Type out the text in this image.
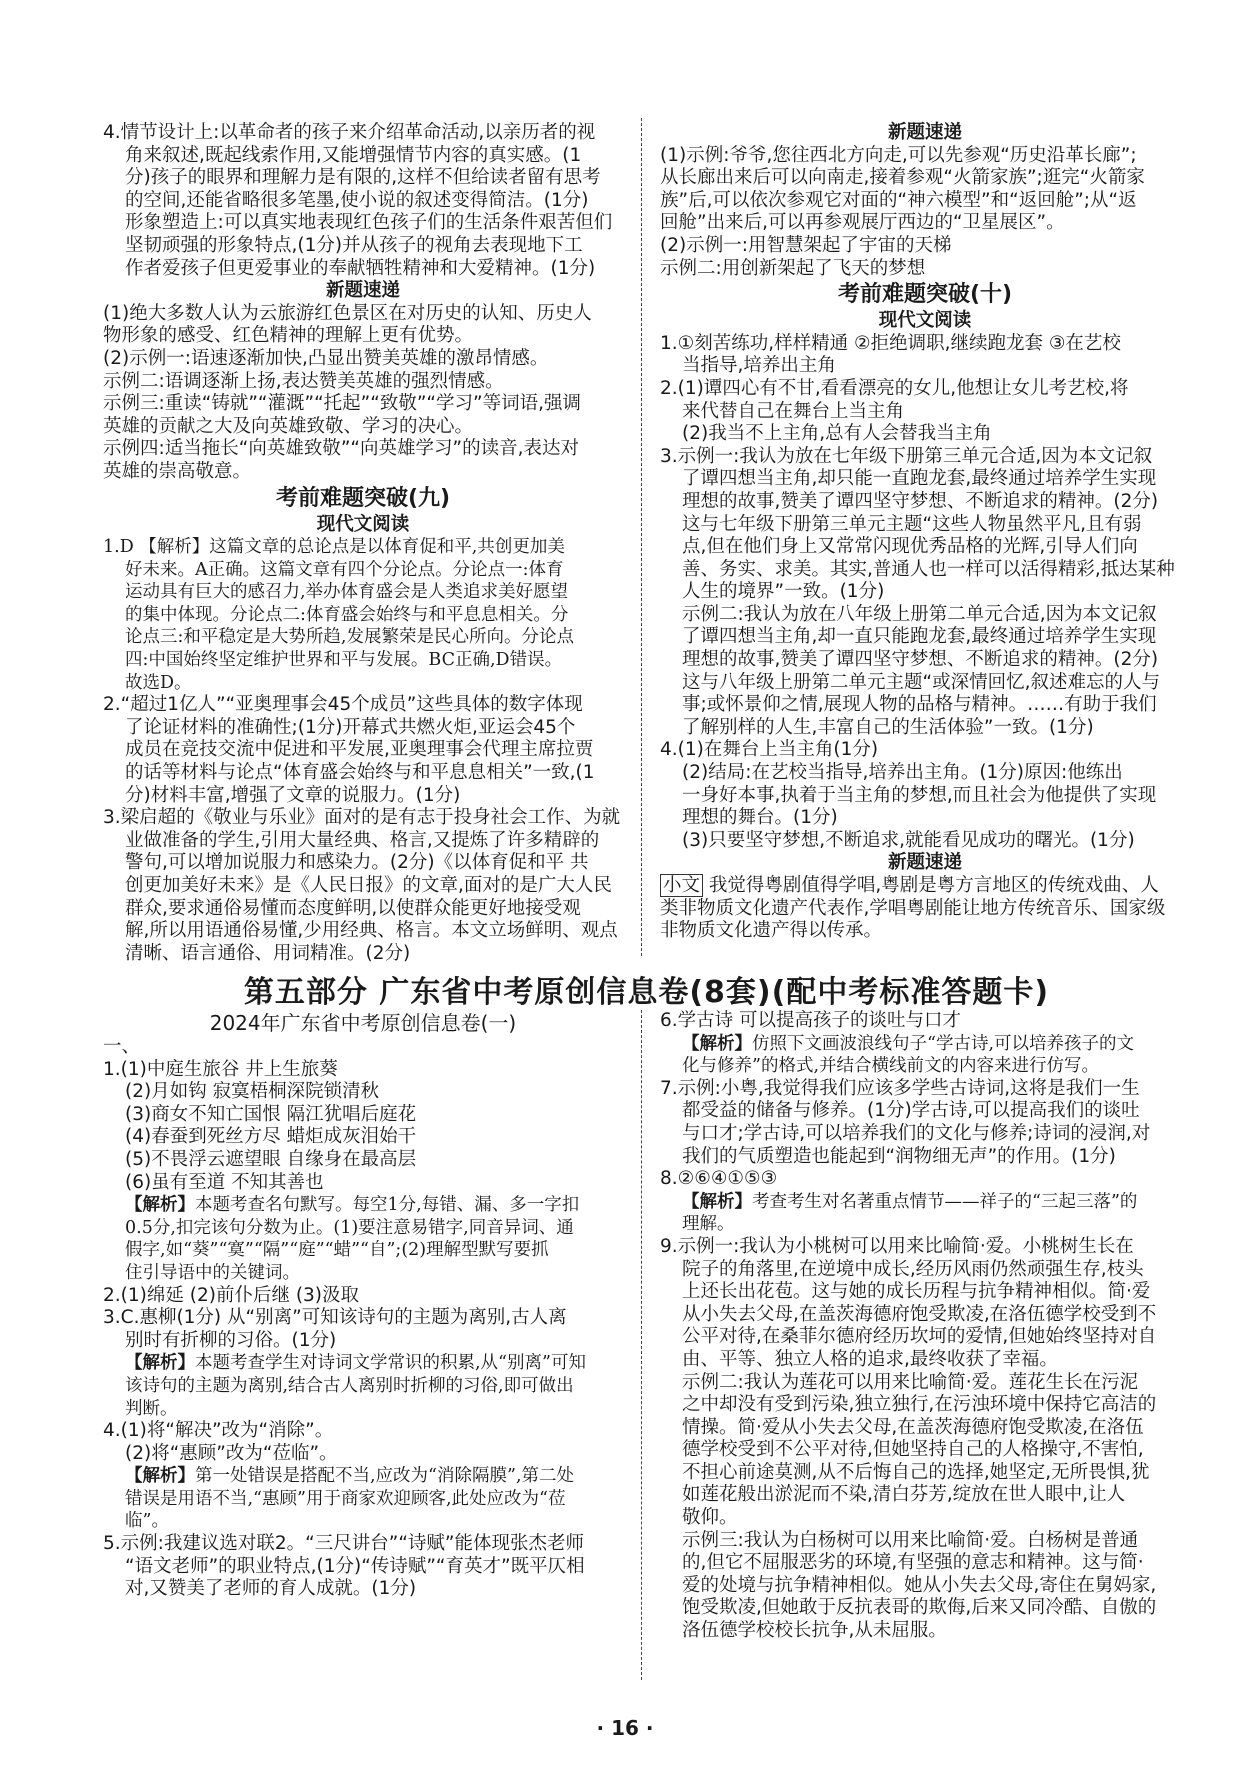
4.情节设计上:以革命者的孩子来介绍革命活动,以亲历者的视

角来叙述,既起线索作用,又能增强情节内容的真实感。(1

分)孩子的眼界和理解力是有限的,这样不但给读者留有思考

的空间,还能省略很多笔墨,使小说的叙述变得简洁。(1分)

形象塑造上:可以真实地表现红色孩子们的生活条件艰苦但们

坚韧顽强的形象特点,(1分)并从孩子的视角去表现地下工

作者爱孩子但更爱事业的奉献牺牲精神和大爱精神。(1分)

新题速递

(1)绝大多数人认为云旅游红色景区在对历史的认知、历史人

物形象的感受、红色精神的理解上更有优势。

(2)示例一:语速逐渐加快,凸显出赞美英雄的激昂情感。

示例二:语调逐渐上扬,表达赞美英雄的强烈情感。

示例三:重读“铸就”“灌溉”“托起”“致敬”“学习”等词语,强调

英雄的贡献之大及向英雄致敬、学习的决心。

示例四:适当拖长“向英雄致敬”“向英雄学习”的读音,表达对

英雄的崇高敬意。

考前难题突破(九)

现代文阅读

1.D 【解析】这篇文章的总论点是以体育促和平,共创更加美

好未来。A正确。这篇文章有四个分论点。分论点一:体育

运动具有巨大的感召力,举办体育盛会是人类追求美好愿望

的集中体现。分论点二:体育盛会始终与和平息息相关。分

论点三:和平稳定是大势所趋,发展繁荣是民心所向。分论点

四:中国始终坚定维护世界和平与发展。BC正确,D错误。

故选D。

2.“超过1亿人”“亚奥理事会45个成员”这些具体的数字体现

了论证材料的准确性;(1分)开幕式共燃火炬,亚运会45个

成员在竞技交流中促进和平发展,亚奥理事会代理主席拉贾

的话等材料与论点“体育盛会始终与和平息息相关”一致,(1

分)材料丰富,增强了文章的说服力。(1分)

3.梁启超的《敬业与乐业》面对的是有志于投身社会工作、为就

业做准备的学生,引用大量经典、格言,又提炼了许多精辟的

警句,可以增加说服力和感染力。(2分)《以体育促和平 共

创更加美好未来》是《人民日报》的文章,面对的是广大人民

群众,要求通俗易懂而态度鲜明,以使群众能更好地接受观

解,所以用语通俗易懂,少用经典、格言。本文立场鲜明、观点

清晰、语言通俗、用词精准。(2分)

新题速递

(1)示例:爷爷,您往西北方向走,可以先参观“历史沿革长廊”;

从长廊出来后可以向南走,接着参观“火箭家族”;逛完“火箭家

族”后,可以依次参观它对面的“神六模型”和“返回舱”;从“返

回舱”出来后,可以再参观展厅西边的“卫星展区”。

(2)示例一:用智慧架起了宇宙的天梯

示例二:用创新架起了飞天的梦想

考前难题突破(十)

现代文阅读

1.①刻苦练功,样样精通 ②拒绝调职,继续跑龙套 ③在艺校

当指导,培养出主角

2.(1)谭四心有不甘,看看漂亮的女儿,他想让女儿考艺校,将

来代替自己在舞台上当主角

(2)我当不上主角,总有人会替我当主角

3.示例一:我认为放在七年级下册第三单元合适,因为本文记叙

了谭四想当主角,却只能一直跑龙套,最终通过培养学生实现

理想的故事,赞美了谭四坚守梦想、不断追求的精神。(2分)

这与七年级下册第三单元主题“这些人物虽然平凡,且有弱

点,但在他们身上又常常闪现优秀品格的光辉,引导人们向

善、务实、求美。其实,普通人也一样可以活得精彩,抵达某种

人生的境界”一致。(1分)

示例二:我认为放在八年级上册第二单元合适,因为本文记叙

了谭四想当主角,却一直只能跑龙套,最终通过培养学生实现

理想的故事,赞美了谭四坚守梦想、不断追求的精神。(2分)

这与八年级上册第二单元主题“或深情回忆,叙述难忘的人与

事;或怀景仰之情,展现人物的品格与精神。……有助于我们

了解别样的人生,丰富自己的生活体验”一致。(1分)

4.(1)在舞台上当主角(1分)

(2)结局:在艺校当指导,培养出主角。(1分)原因:他练出

一身好本事,执着于当主角的梦想,而且社会为他提供了实现

理想的舞台。(1分)

(3)只要坚守梦想,不断追求,就能看见成功的曙光。(1分)

新题速递

小文 我觉得粤剧值得学唱,粤剧是粤方言地区的传统戏曲、人

类非物质文化遗产代表作,学唱粤剧能让地方传统音乐、国家级

非物质文化遗产得以传承。

第五部分 广东省中考原创信息卷(8套)(配中考标准答题卡)

2024年广东省中考原创信息卷(一)

一、

1.(1)中庭生旅谷 井上生旅葵

(2)月如钩 寂寞梧桐深院锁清秋

(3)商女不知亡国恨 隔江犹唱后庭花

(4)春蚕到死丝方尽 蜡炬成灰泪始干

(5)不畏浮云遮望眼 自缘身在最高层

(6)虽有至道 不知其善也

【解析】本题考查名句默写。每空1分,每错、漏、多一字扣

0.5分,扣完该句分数为止。(1)要注意易错字,同音异词、通

假字,如“葵”“寞”“隔”“庭”“蜡”“自”;(2)理解型默写要抓

住引导语中的关键词。

2.(1)绵延 (2)前仆后继 (3)汲取

3.C.惠柳(1分) 从“别离”可知该诗句的主题为离别,古人离

别时有折柳的习俗。(1分)

【解析】本题考查学生对诗词文学常识的积累,从“别离”可知

该诗句的主题为离别,结合古人离别时折柳的习俗,即可做出

判断。

4.(1)将“解决”改为“消除”。

(2)将“惠顾”改为“莅临”。

【解析】第一处错误是搭配不当,应改为“消除隔膜”,第二处

错误是用语不当,“惠顾”用于商家欢迎顾客,此处应改为“莅

临”。

5.示例:我建议选对联2。“三尺讲台”“诗赋”能体现张杰老师

“语文老师”的职业特点,(1分)“传诗赋”“育英才”既平仄相

对,又赞美了老师的育人成就。(1分)

6.学古诗 可以提高孩子的谈吐与口才

【解析】仿照下文画波浪线句子“学古诗,可以培养孩子的文

化与修养”的格式,并结合横线前文的内容来进行仿写。

7.示例:小粤,我觉得我们应该多学些古诗词,这将是我们一生

都受益的储备与修养。(1分)学古诗,可以提高我们的谈吐

与口才;学古诗,可以培养我们的文化与修养;诗词的浸润,对

我们的气质塑造也能起到“润物细无声”的作用。(1分)

8.②⑥④①⑤③

【解析】考查考生对名著重点情节——祥子的“三起三落”的

理解。

9.示例一:我认为小桃树可以用来比喻简·爱。小桃树生长在

院子的角落里,在逆境中成长,经历风雨仍然顽强生存,枝头

上还长出花苞。这与她的成长历程与抗争精神相似。简·爱

从小失去父母,在盖茨海德府饱受欺凌,在洛伍德学校受到不

公平对待,在桑菲尔德府经历坎坷的爱情,但她始终坚持对自

由、平等、独立人格的追求,最终收获了幸福。

示例二:我认为莲花可以用来比喻简·爱。莲花生长在污泥

之中却没有受到污染,独立独行,在污浊环境中保持它高洁的

情操。简·爱从小失去父母,在盖茨海德府饱受欺凌,在洛伍

德学校受到不公平对待,但她坚持自己的人格操守,不害怕,

不担心前途莫测,从不后悔自己的选择,她坚定,无所畏惧,犹

如莲花般出淤泥而不染,清白芬芳,绽放在世人眼中,让人

敬仰。

示例三:我认为白杨树可以用来比喻简·爱。白杨树是普通

的,但它不屈服恶劣的环境,有坚强的意志和精神。这与简·

爱的处境与抗争精神相似。她从小失去父母,寄住在舅妈家,

饱受欺凌,但她敢于反抗表哥的欺侮,后来又同冷酷、自傲的

洛伍德学校校长抗争,从未屈服。

· 16 ·
